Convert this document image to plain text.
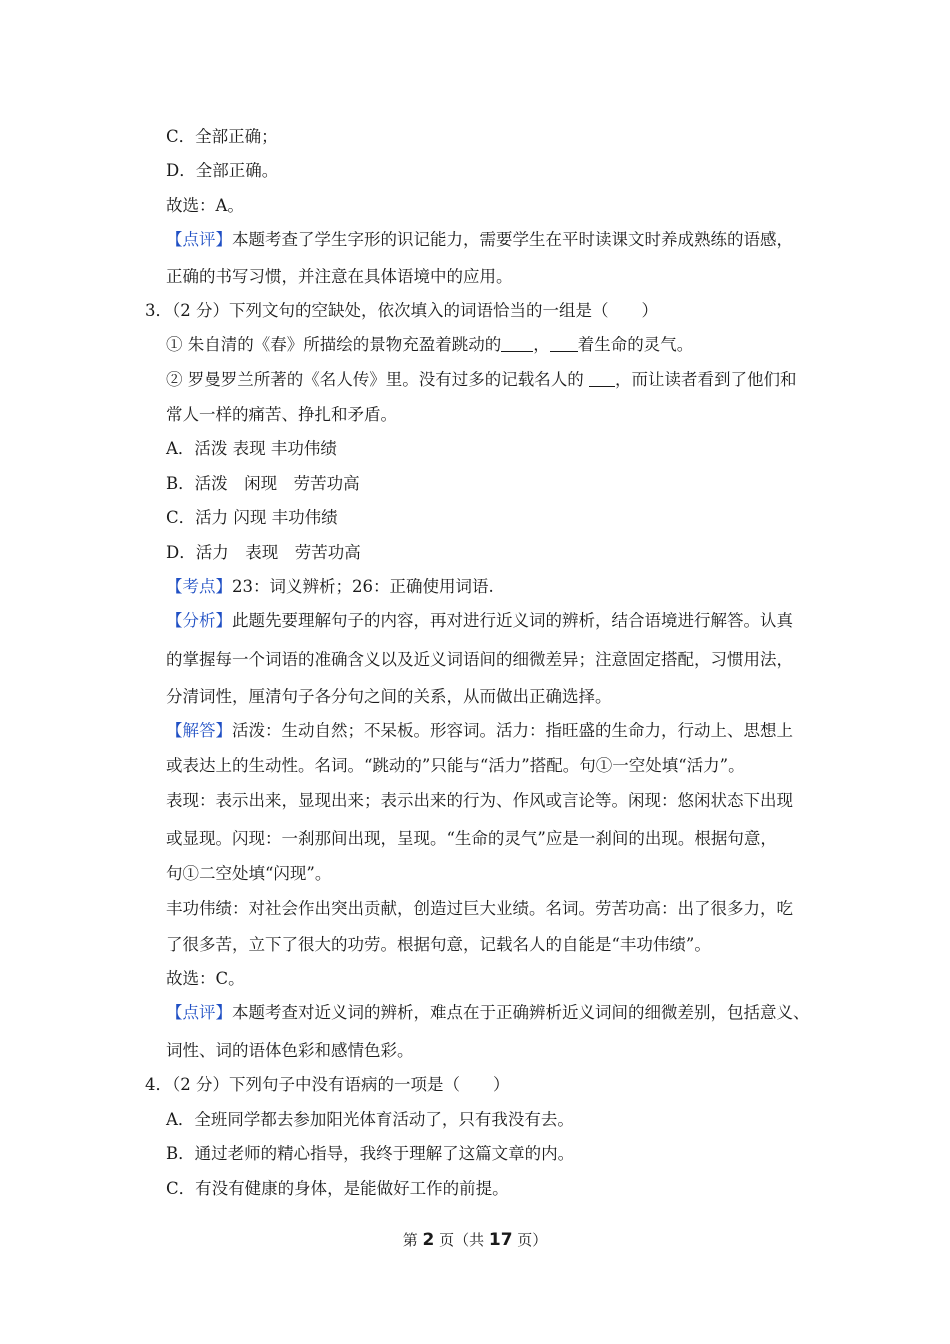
C．全部正确；
D．全部正确。
故选：A。
【点评】本题考查了学生字形的识记能力，需要学生在平时读课文时养成熟练的语感，
正确的书写习惯，并注意在具体语境中的应用。
3．（2 分）下列文句的空缺处，依次填入的词语恰当的一组是（　　）
① 朱自清的《春》所描绘的景物充盈着跳动的 ， 着生命的灵气。
② 罗曼罗兰所著的《名人传》里。没有过多的记载名人的 ，而让读者看到了他们和
常人一样的痛苦、挣扎和矛盾。
A．活泼 表现 丰功伟绩
B．活泼　闲现　劳苦功高
C．活力 闪现 丰功伟绩
D．活力　表现　劳苦功高
【考点】23：词义辨析；26：正确使用词语.
【分析】此题先要理解句子的内容，再对进行近义词的辨析，结合语境进行解答。认真
的掌握每一个词语的准确含义以及近义词语间的细微差异；注意固定搭配，习惯用法，
分清词性，厘清句子各分句之间的关系，从而做出正确选择。
【解答】活泼：生动自然；不呆板。形容词。活力：指旺盛的生命力，行动上、思想上
或表达上的生动性。名词。“跳动的”只能与“活力”搭配。句①一空处填“活力”。
表现：表示出来，显现出来；表示出来的行为、作风或言论等。闲现：悠闲状态下出现
或显现。闪现：一刹那间出现，呈现。“生命的灵气”应是一刹间的出现。根据句意，
句①二空处填“闪现”。
丰功伟绩：对社会作出突出贡献，创造过巨大业绩。名词。劳苦功高：出了很多力，吃
了很多苦，立下了很大的功劳。根据句意，记载名人的自能是“丰功伟绩”。
故选：C。
【点评】本题考查对近义词的辨析，难点在于正确辨析近义词间的细微差别，包括意义、
词性、词的语体色彩和感情色彩。
4．（2 分）下列句子中没有语病的一项是（　　）
A．全班同学都去参加阳光体育活动了，只有我没有去。
B．通过老师的精心指导，我终于理解了这篇文章的内。
C．有没有健康的身体，是能做好工作的前提。
第 2 页（共 17 页）
